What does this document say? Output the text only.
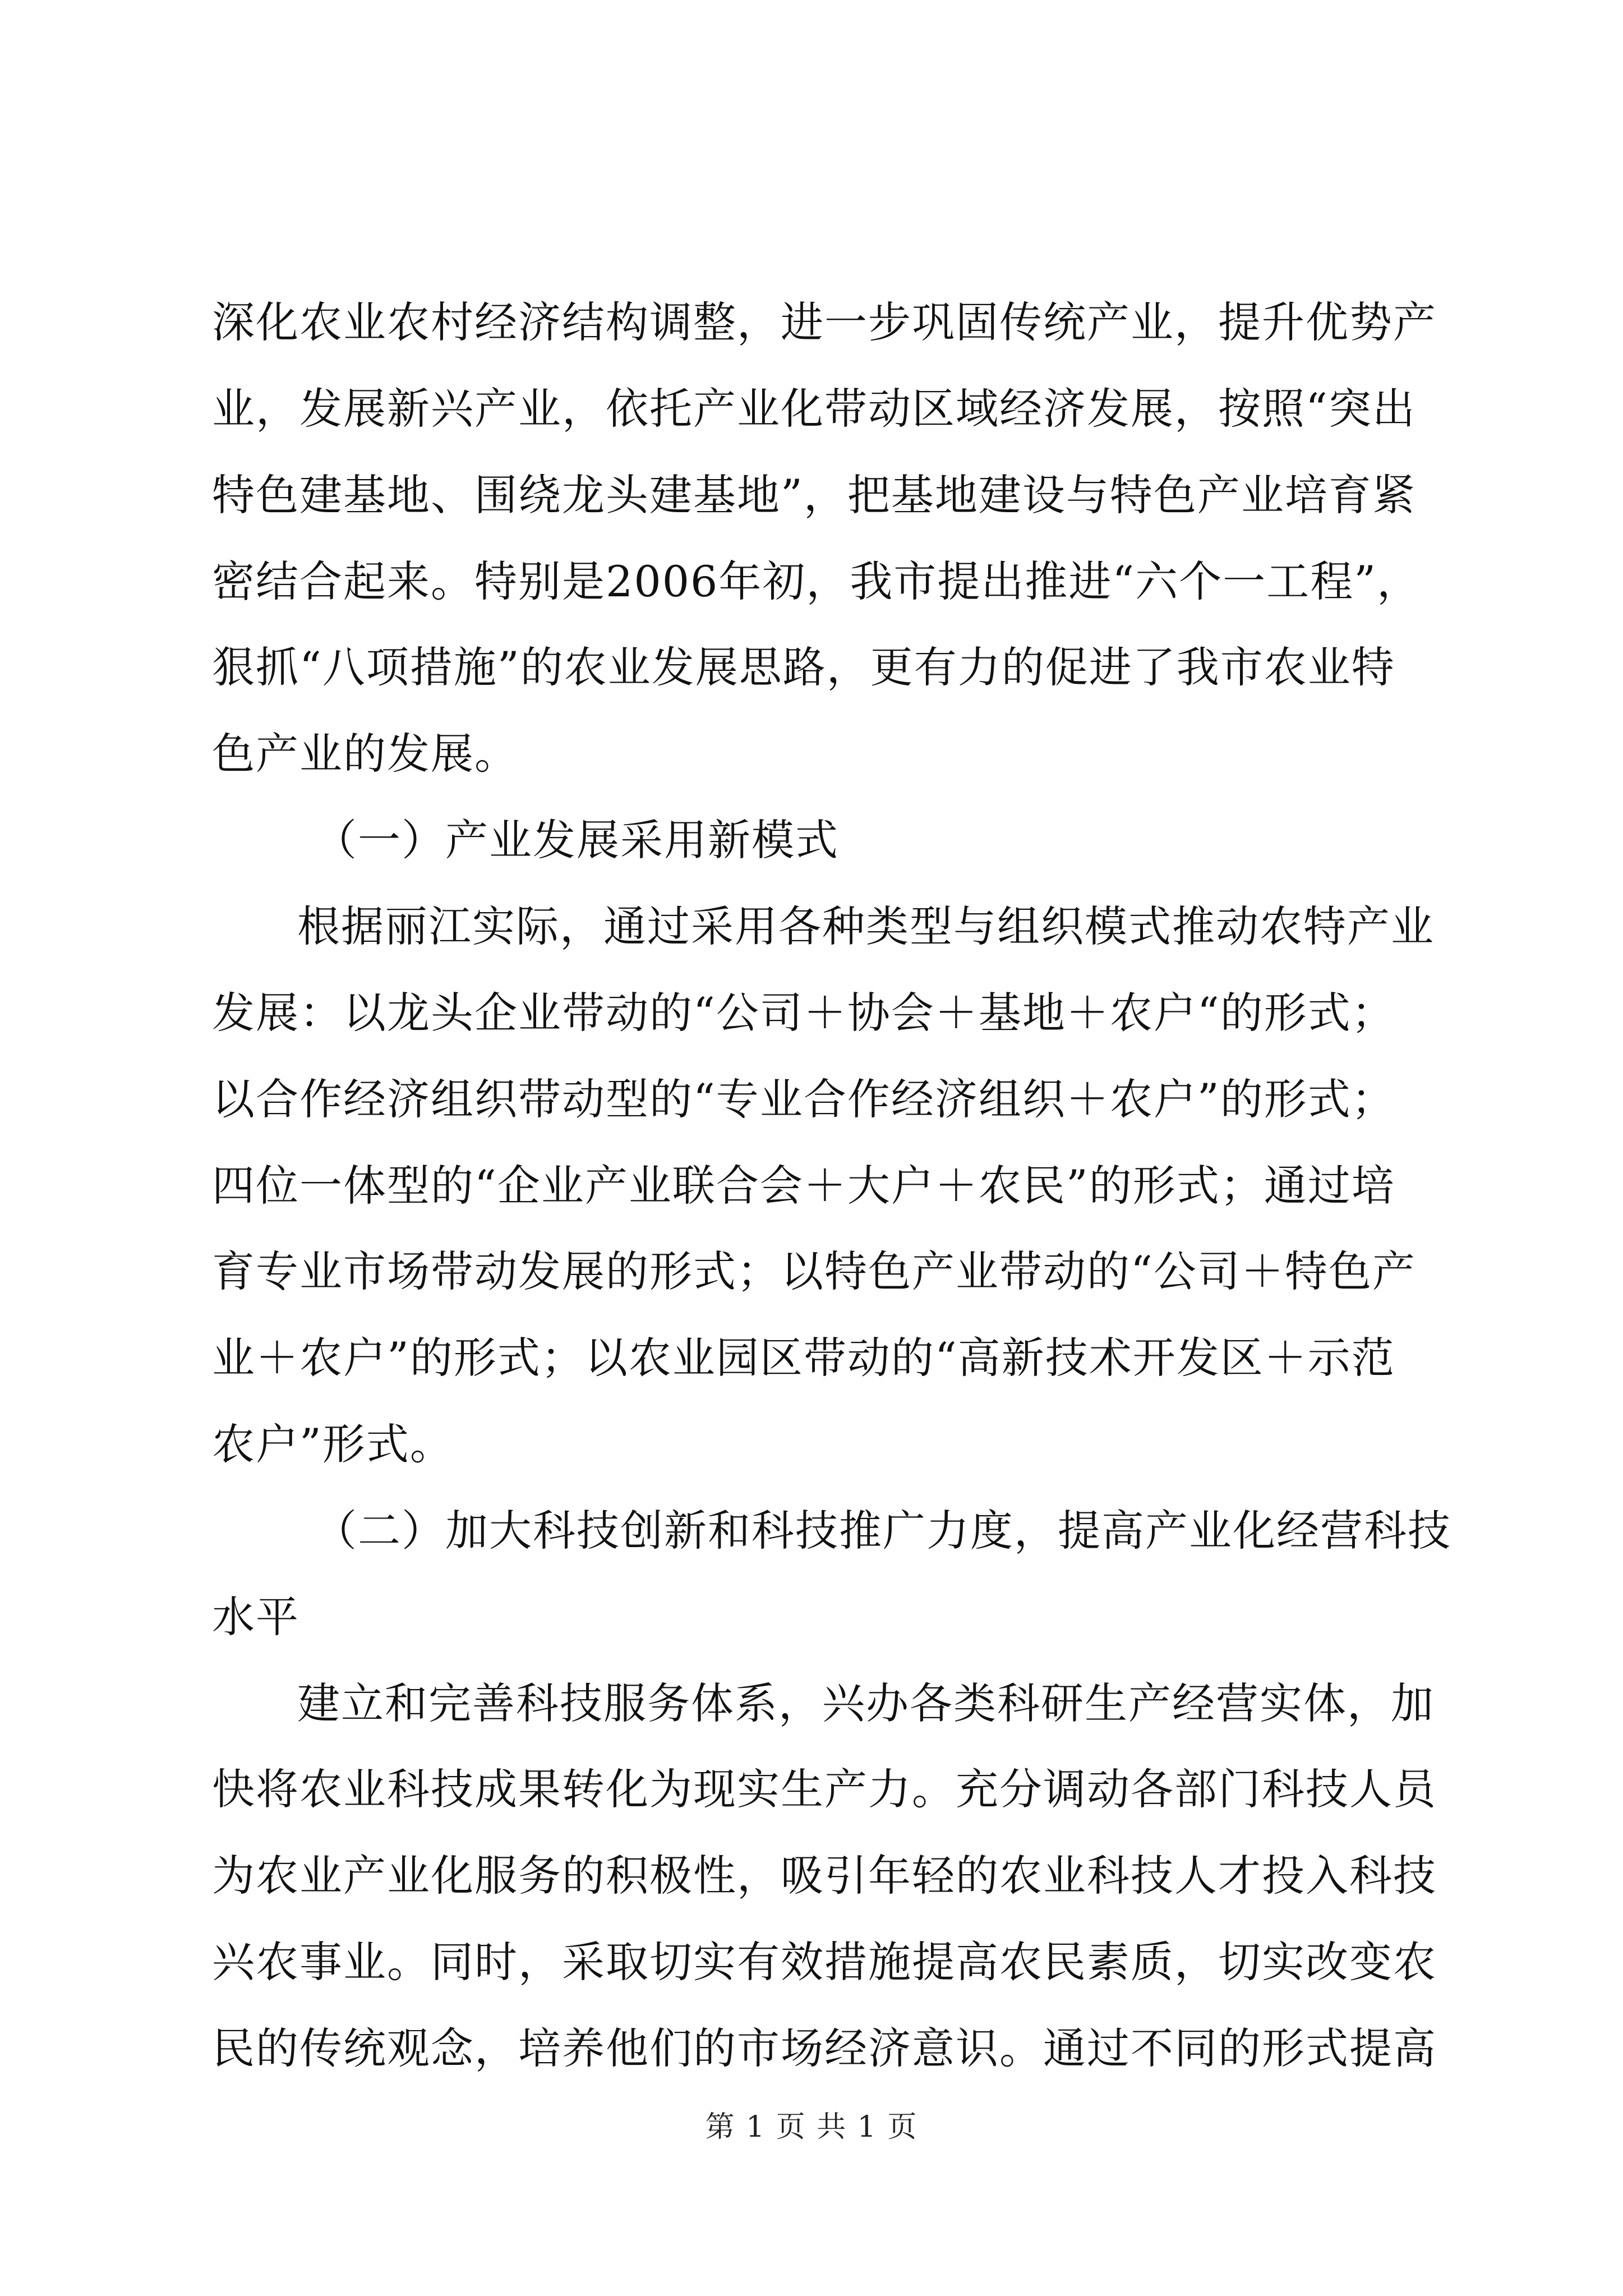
深化农业农村经济结构调整，进一步巩固传统产业，提升优势产
业，发展新兴产业，依托产业化带动区域经济发展，按照“突出
特色建基地、围绕龙头建基地”，把基地建设与特色产业培育紧
密结合起来。特别是2006年初，我市提出推进“六个一工程”，
狠抓“八项措施”的农业发展思路，更有力的促进了我市农业特
色产业的发展。
（一）产业发展采用新模式
根据丽江实际，通过采用各种类型与组织模式推动农特产业
发展：以龙头企业带动的“公司＋协会＋基地＋农户“的形式；
以合作经济组织带动型的“专业合作经济组织＋农户”的形式；
四位一体型的“企业产业联合会＋大户＋农民”的形式；通过培
育专业市场带动发展的形式；以特色产业带动的“公司＋特色产
业＋农户”的形式；以农业园区带动的“高新技术开发区＋示范
农户”形式。
（二）加大科技创新和科技推广力度，提高产业化经营科技
水平
建立和完善科技服务体系，兴办各类科研生产经营实体，加
快将农业科技成果转化为现实生产力。充分调动各部门科技人员
为农业产业化服务的积极性，吸引年轻的农业科技人才投入科技
兴农事业。同时，采取切实有效措施提高农民素质，切实改变农
民的传统观念，培养他们的市场经济意识。通过不同的形式提高
第 1 页 共 1 页
